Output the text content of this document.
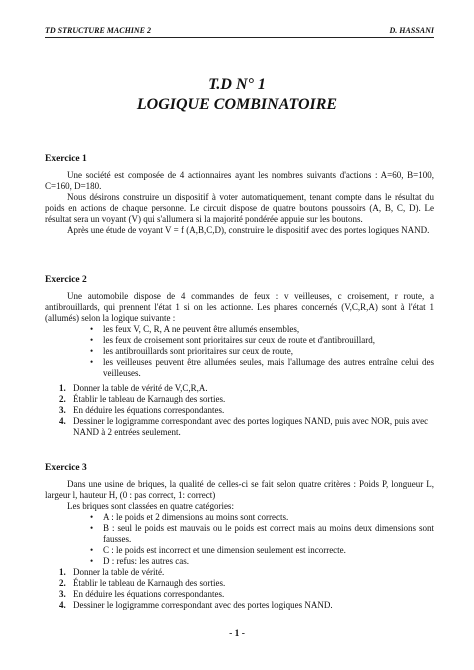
TD STRUCTURE MACHINE 2	D. HASSANI
T.D N° 1
LOGIQUE COMBINATOIRE
Exercice 1

Une société est composée de 4 actionnaires ayant les nombres suivants d'actions : A=60, B=100, C=160, D=180.

Nous désirons construire un dispositif à voter automatiquement, tenant compte dans le résultat du poids en actions de chaque personne. Le circuit dispose de quatre boutons poussoirs (A, B, C, D). Le résultat sera un voyant (V) qui s'allumera si la majorité pondérée appuie sur les boutons.

Après une étude de voyant V = f (A,B,C,D), construire le dispositif avec des portes logiques NAND.

Exercice 2

Une automobile dispose de 4 commandes de feux : v veilleuses, c croisement, r route, a antibrouillards, qui prennent l'état 1 si on les actionne. Les phares concernés (V,C,R,A) sont à l'état 1 (allumés) selon la logique suivante :

• les feux V, C, R, A ne peuvent être allumés ensembles,
• les feux de croisement sont prioritaires sur ceux de route et d'antibrouillard,
• les antibrouillards sont prioritaires sur ceux de route,
• les veilleuses peuvent être allumées seules, mais l'allumage des autres entraîne celui des veilleuses.
1. Donner la table de vérité de V,C,R,A.
2. Établir le tableau de Karnaugh des sorties.
3. En déduire les équations correspondantes.
4. Dessiner le logigramme correspondant avec des portes logiques NAND, puis avec NOR, puis avec NAND à 2 entrées seulement.
Exercice 3

Dans une usine de briques, la qualité de celles-ci se fait selon quatre critères : Poids P, longueur L, largeur l, hauteur H, (0 : pas correct, 1: correct)

Les briques sont classées en quatre catégories:

• A : le poids et 2 dimensions au moins sont corrects.
• B : seul le poids est mauvais ou le poids est correct mais au moins deux dimensions sont fausses.
• C : le poids est incorrect et une dimension seulement est incorrecte.
• D : refus: les autres cas.
1. Donner la table de vérité.
2. Établir le tableau de Karnaugh des sorties.
3. En déduire les équations correspondantes.
4. Dessiner le logigramme correspondant avec des portes logiques NAND.
- 1 -
